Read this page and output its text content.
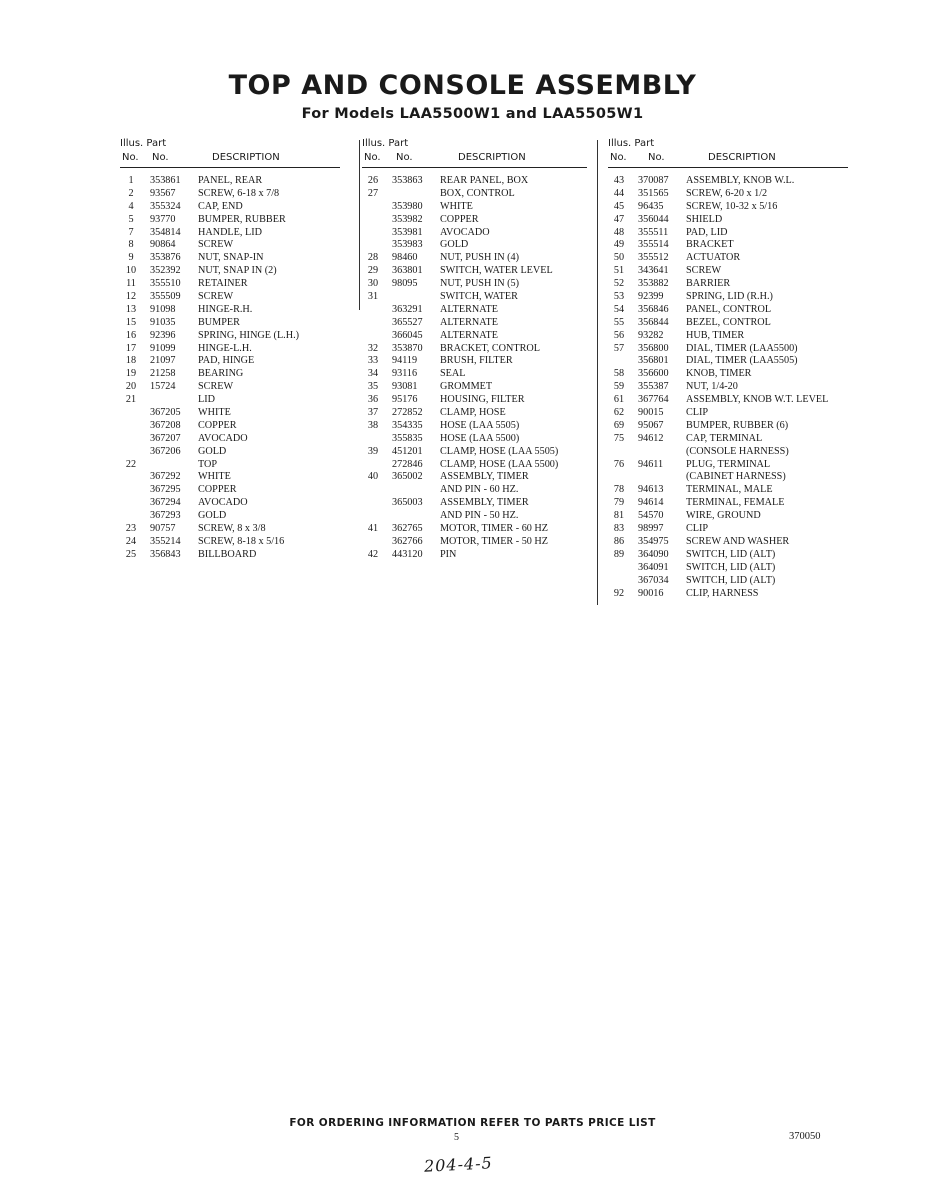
TOP AND CONSOLE ASSEMBLY
For Models LAA5500W1 and LAA5505W1
Illus. Part
No. No.	DESCRIPTION
1	353861 PANEL, REAR
2	93567 SCREW, 6-18 x 7/8
4	355324 CAP, END
5	93770 BUMPER, RUBBER
7	354814 HANDLE, LID
8	90864 SCREW
9	353876 NUT, SNAP-IN
10	352392 NUT, SNAP IN (2)
11	355510 RETAINER
12	355509 SCREW
13	91098 HINGE-R.H.
15	91035 BUMPER
16	92396 SPRING, HINGE (L.H.)
17	91099 HINGE-L.H.
18	21097 PAD, HINGE
19	21258 BEARING
20	15724 SCREW
21	LID
367205 WHITE
367208 COPPER
367207 AVOCADO
367206 GOLD
22	TOP
367292 WHITE
367295 COPPER
367294 AVOCADO
367293 GOLD
23	90757 SCREW, 8 x 3/8
24	355214 SCREW, 8-18 x 5/16
25	356843 BILLBOARD
Illus. Part
No. No.	DESCRIPTION
26	353863 REAR PANEL, BOX
27	BOX, CONTROL
353980 WHITE
353982 COPPER
353981 AVOCADO
353983 GOLD
28	98460 NUT, PUSH IN (4)
29	363801 SWITCH, WATER LEVEL
30	98095 NUT, PUSH IN (5)
31	SWITCH, WATER
363291 ALTERNATE
365527 ALTERNATE
366045 ALTERNATE
32	353870 BRACKET, CONTROL
33	94119 BRUSH, FILTER
34	93116 SEAL
35	93081 GROMMET
36	95176 HOUSING, FILTER
37	272852 CLAMP, HOSE
38	354335 HOSE (LAA 5505)
355835 HOSE (LAA 5500)
39	451201 CLAMP, HOSE (LAA 5505)
272846 CLAMP, HOSE (LAA 5500)
40	365002 ASSEMBLY, TIMER
AND PIN - 60 HZ.
365003 ASSEMBLY, TIMER
AND PIN - 50 HZ.
41	362765 MOTOR, TIMER - 60 HZ
362766 MOTOR, TIMER - 50 HZ
42	443120 PIN
Illus. Part
No. No.	DESCRIPTION
43	370087 ASSEMBLY, KNOB W.L.
44	351565 SCREW, 6-20 x 1/2
45	96435 SCREW, 10-32 x 5/16
47	356044 SHIELD
48	355511 PAD, LID
49	355514 BRACKET
50	355512 ACTUATOR
51	343641 SCREW
52	353882 BARRIER
53	92399 SPRING, LID (R.H.)
54	356846 PANEL, CONTROL
55	356844 BEZEL, CONTROL
56	93282 HUB, TIMER
57	356800 DIAL, TIMER (LAA5500)
356801 DIAL, TIMER (LAA5505)
58	356600 KNOB, TIMER
59	355387 NUT, 1/4-20
61	367764 ASSEMBLY, KNOB W.T. LEVEL
62	90015 CLIP
69	95067 BUMPER, RUBBER (6)
75	94612 CAP, TERMINAL
(CONSOLE HARNESS)
76	94611 PLUG, TERMINAL
(CABINET HARNESS)
78	94613 TERMINAL, MALE
79	94614 TERMINAL, FEMALE
81	54570 WIRE, GROUND
83	98997 CLIP
86	354975 SCREW AND WASHER
89	364090 SWITCH, LID (ALT)
364091 SWITCH, LID (ALT)
367034 SWITCH, LID (ALT)
92	90016 CLIP, HARNESS
FOR ORDERING INFORMATION REFER TO PARTS PRICE LIST
5	370050
204-4-5
